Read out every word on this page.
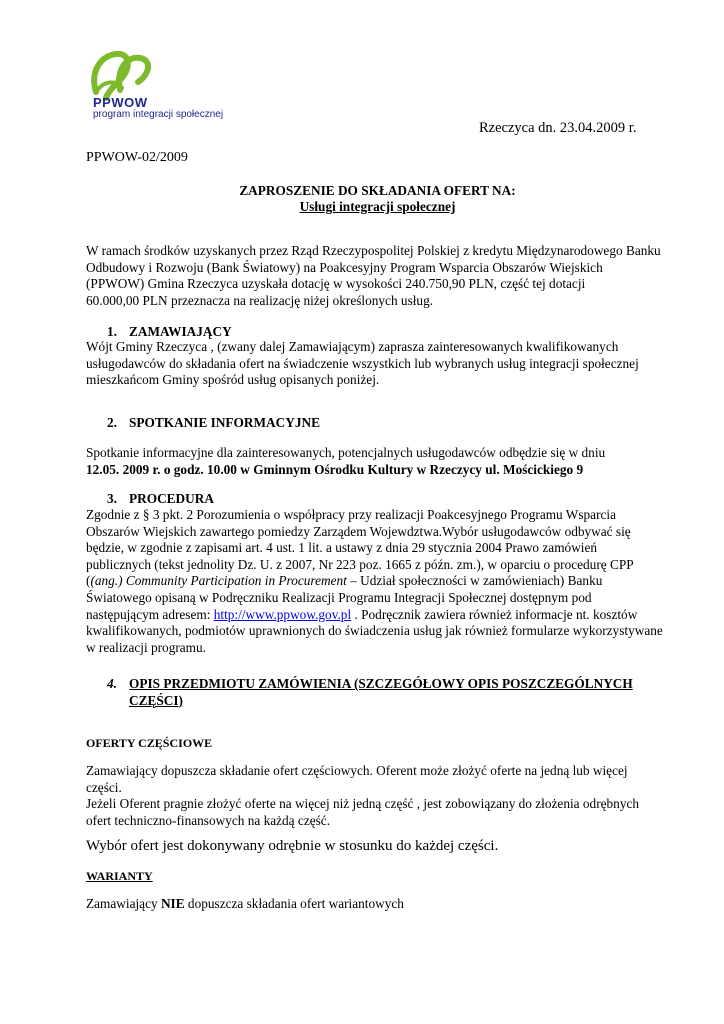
PPWOW
program integracji społecznej
Rzeczyca dn. 23.04.2009 r.
PPWOW-02/2009
ZAPROSZENIE DO SKŁADANIA OFERT NA:
Usługi integracji społecznej
W ramach środków uzyskanych przez Rząd Rzeczypospolitej Polskiej z kredytu Międzynarodowego Banku
Odbudowy i Rozwoju (Bank Światowy) na Poakcesyjny Program Wsparcia Obszarów Wiejskich
(PPWOW) Gmina Rzeczyca uzyskała dotację w wysokości 240.750,90 PLN, część tej dotacji
60.000,00 PLN przeznacza na realizację niżej określonych usług.
1. ZAMAWIAJĄCY
Wójt Gminy Rzeczyca , (zwany dalej Zamawiającym) zaprasza zainteresowanych kwalifikowanych
usługodawców do składania ofert na świadczenie wszystkich lub wybranych usług integracji społecznej
mieszkańcom Gminy spośród usług opisanych poniżej.
2. SPOTKANIE INFORMACYJNE
Spotkanie informacyjne dla zainteresowanych, potencjalnych usługodawców odbędzie się w dniu
12.05. 2009 r. o godz. 10.00 w Gminnym Ośrodku Kultury w Rzeczycy ul. Mościckiego 9
3. PROCEDURA
Zgodnie z § 3 pkt. 2 Porozumienia o współpracy przy realizacji Poakcesyjnego Programu Wsparcia
Obszarów Wiejskich zawartego pomiedzy Zarządem Wojewdztwa.Wybór usługodawców odbywać się
będzie, w zgodnie z zapisami art. 4 ust. 1 lit. a ustawy z dnia 29 stycznia 2004 Prawo zamówień
publicznych (tekst jednolity Dz. U. z 2007, Nr 223 poz. 1665 z późn. zm.), w oparciu o procedurę CPP
((ang.) Community Participation in Procurement – Udział społeczności w zamówieniach) Banku
Światowego opisaną w Podręczniku Realizacji Programu Integracji Społecznej dostępnym pod
następującym adresem: http://www.ppwow.gov.pl . Podręcznik zawiera również informacje nt. kosztów
kwalifikowanych, podmiotów uprawnionych do świadczenia usług jak również formularze wykorzystywane
w realizacji programu.
4. OPIS PRZEDMIOTU ZAMÓWIENIA (SZCZEGÓŁOWY OPIS POSZCZEGÓLNYCH
CZĘŚCI)
OFERTY CZĘŚCIOWE
Zamawiający dopuszcza składanie ofert częściowych. Oferent może złożyć oferte na jedną lub więcej
części.
Jeżeli Oferent pragnie złożyć oferte na więcej niż jedną część , jest zobowiązany do złożenia odrębnych
ofert techniczno-finansowych na każdą część.
Wybór ofert jest dokonywany odrębnie w stosunku do każdej części.
WARIANTY
Zamawiający NIE dopuszcza składania ofert wariantowych
